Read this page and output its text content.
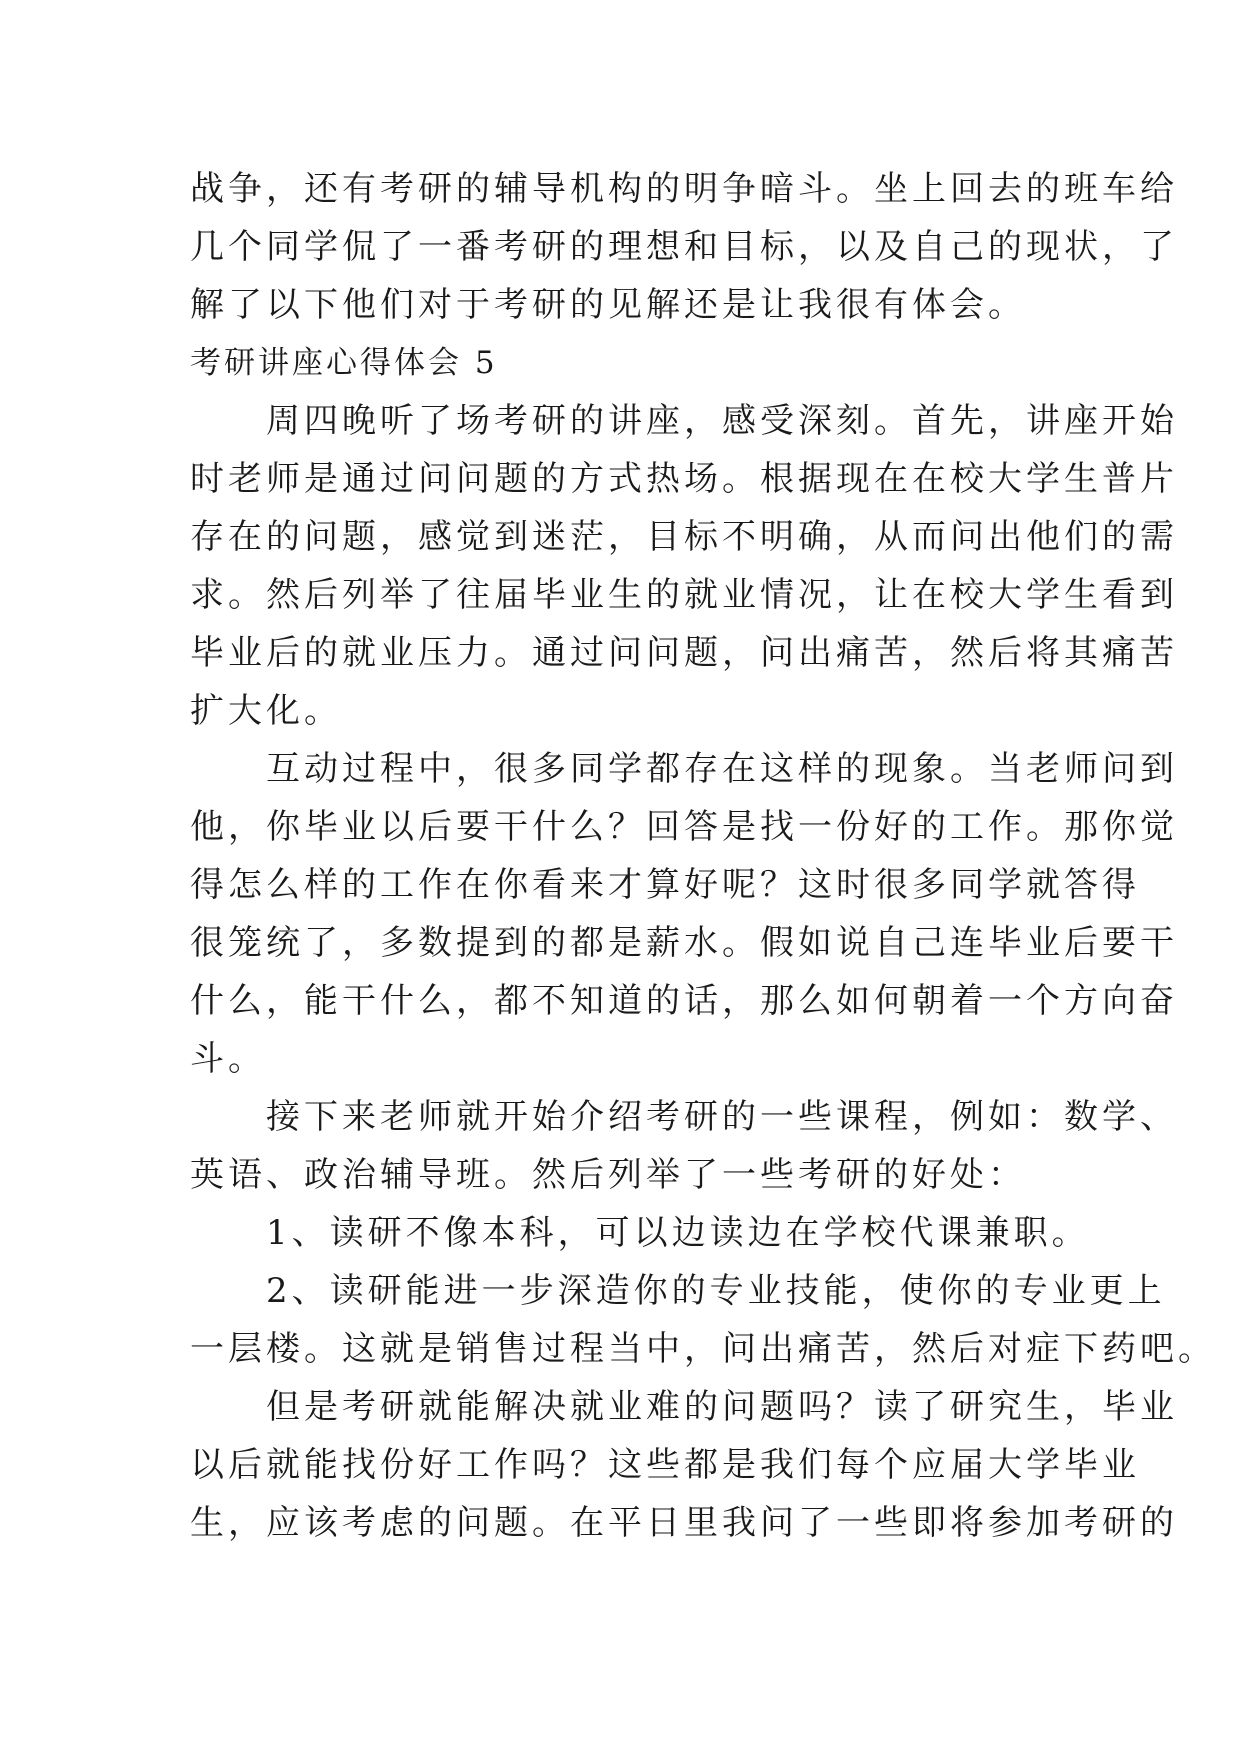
战争，还有考研的辅导机构的明争暗斗。坐上回去的班车给
几个同学侃了一番考研的理想和目标，以及自己的现状，了
解了以下他们对于考研的见解还是让我很有体会。
考研讲座心得体会 5
　　周四晚听了场考研的讲座，感受深刻。首先，讲座开始
时老师是通过问问题的方式热场。根据现在在校大学生普片
存在的问题，感觉到迷茫，目标不明确，从而问出他们的需
求。然后列举了往届毕业生的就业情况，让在校大学生看到
毕业后的就业压力。通过问问题，问出痛苦，然后将其痛苦
扩大化。
　　互动过程中，很多同学都存在这样的现象。当老师问到
他，你毕业以后要干什么？回答是找一份好的工作。那你觉
得怎么样的工作在你看来才算好呢？这时很多同学就答得
很笼统了，多数提到的都是薪水。假如说自己连毕业后要干
什么，能干什么，都不知道的话，那么如何朝着一个方向奋
斗。
　　接下来老师就开始介绍考研的一些课程，例如：数学、
英语、政治辅导班。然后列举了一些考研的好处：
　　1、读研不像本科，可以边读边在学校代课兼职。
　　2、读研能进一步深造你的专业技能，使你的专业更上
一层楼。这就是销售过程当中，问出痛苦，然后对症下药吧。
　　但是考研就能解决就业难的问题吗？读了研究生，毕业
以后就能找份好工作吗？这些都是我们每个应届大学毕业
生，应该考虑的问题。在平日里我问了一些即将参加考研的
